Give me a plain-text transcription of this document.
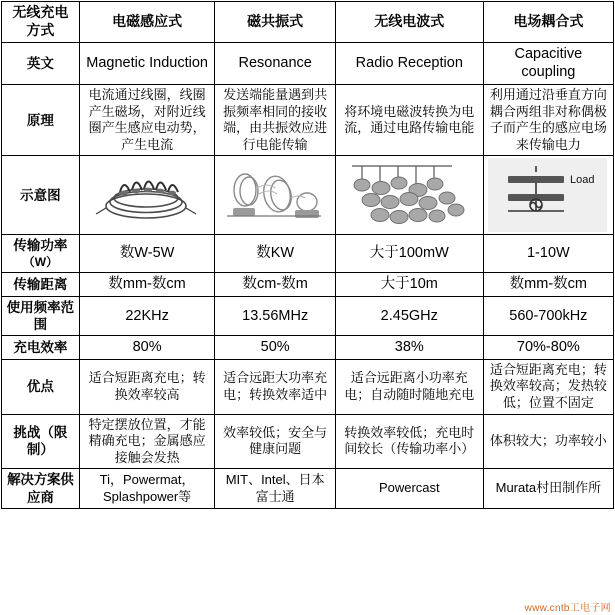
无线充电方式	电磁感应式	磁共振式	无线电波式	电场耦合式
英文	Magnetic Induction	Resonance	Radio Reception	Capacitive coupling
原理	电流通过线圈，线圈产生磁场，对附近线圈产生感应电动势，产生电流	发送端能量遇到共振频率相同的接收端，由共振效应进行电能传输	将环境电磁波转换为电流，通过电路传输电能	利用通过沿垂直方向耦合两组非对称偶极子而产生的感应电场来传输电力
示意图				Load

传输功率
（W）	数W-5W	数KW	大于100mW	1-10W
传输距离	数mm-数cm	数cm-数m	大于10m	数mm-数cm
使用频率范围	22KHz	13.56MHz	2.45GHz	560-700kHz
充电效率	80%	50%	38%	70%-80%
优点	适合短距离充电；转换效率较高	适合远距大功率充电；转换效率适中	适合远距离小功率充电；自动随时随地充电	适合短距离充电；转换效率较高；发热较低；位置不固定
挑战（限制）	特定摆放位置，才能精确充电；金属感应接触会发热	效率较低；安全与健康问题	转换效率较低；充电时间较长（传输功率小）	体积较大；功率较小
解决方案供应商	Ti，Powermat，Splashpower等	MIT、Intel、日本富士通	Powercast	Murata村田制作所
www.cntb工电子网
